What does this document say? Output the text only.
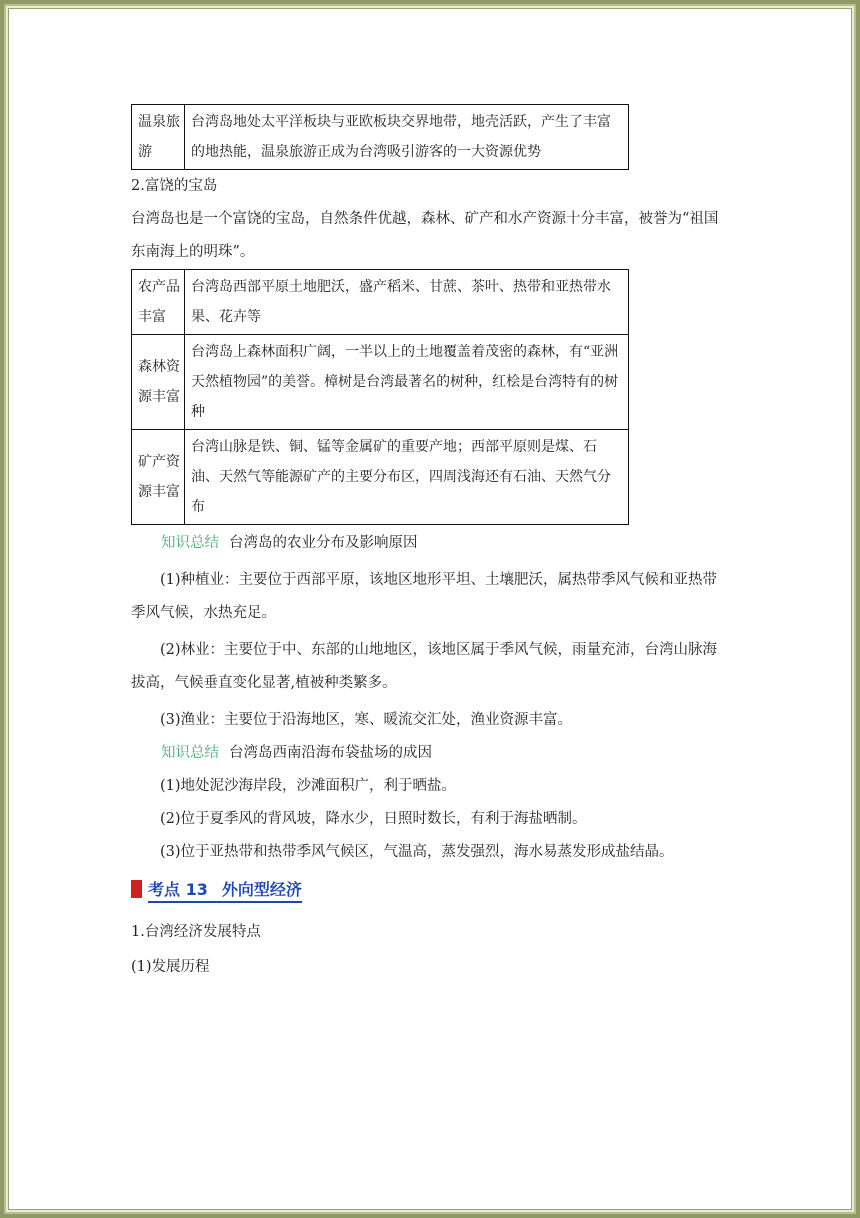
温泉旅游	台湾岛地处太平洋板块与亚欧板块交界地带，地壳活跃，产生了丰富的地热能，温泉旅游正成为台湾吸引游客的一大资源优势

2.富饶的宝岛

台湾岛也是一个富饶的宝岛，自然条件优越，森林、矿产和水产资源十分丰富，被誉为“祖国东南海上的明珠”。

农产品丰富	台湾岛西部平原土地肥沃，盛产稻米、甘蔗、茶叶、热带和亚热带水果、花卉等
森林资源丰富	台湾岛上森林面积广阔，一半以上的土地覆盖着茂密的森林，有“亚洲天然植物园”的美誉。樟树是台湾最著名的树种，红桧是台湾特有的树种
矿产资源丰富	台湾山脉是铁、铜、锰等金属矿的重要产地；西部平原则是煤、石油、天然气等能源矿产的主要分布区，四周浅海还有石油、天然气分布

知识总结 台湾岛的农业分布及影响原因

(1)种植业：主要位于西部平原，该地区地形平坦、土壤肥沃，属热带季风气候和亚热带季风气候，水热充足。

(2)林业：主要位于中、东部的山地地区，该地区属于季风气候，雨量充沛，台湾山脉海拔高，气候垂直变化显著,植被种类繁多。

(3)渔业：主要位于沿海地区，寒、暖流交汇处，渔业资源丰富。

知识总结 台湾岛西南沿海布袋盐场的成因

(1)地处泥沙海岸段，沙滩面积广，利于晒盐。

(2)位于夏季风的背风坡，降水少，日照时数长，有利于海盐晒制。

(3)位于亚热带和热带季风气候区，气温高，蒸发强烈，海水易蒸发形成盐结晶。

考点 13 外向型经济

1.台湾经济发展特点

(1)发展历程
